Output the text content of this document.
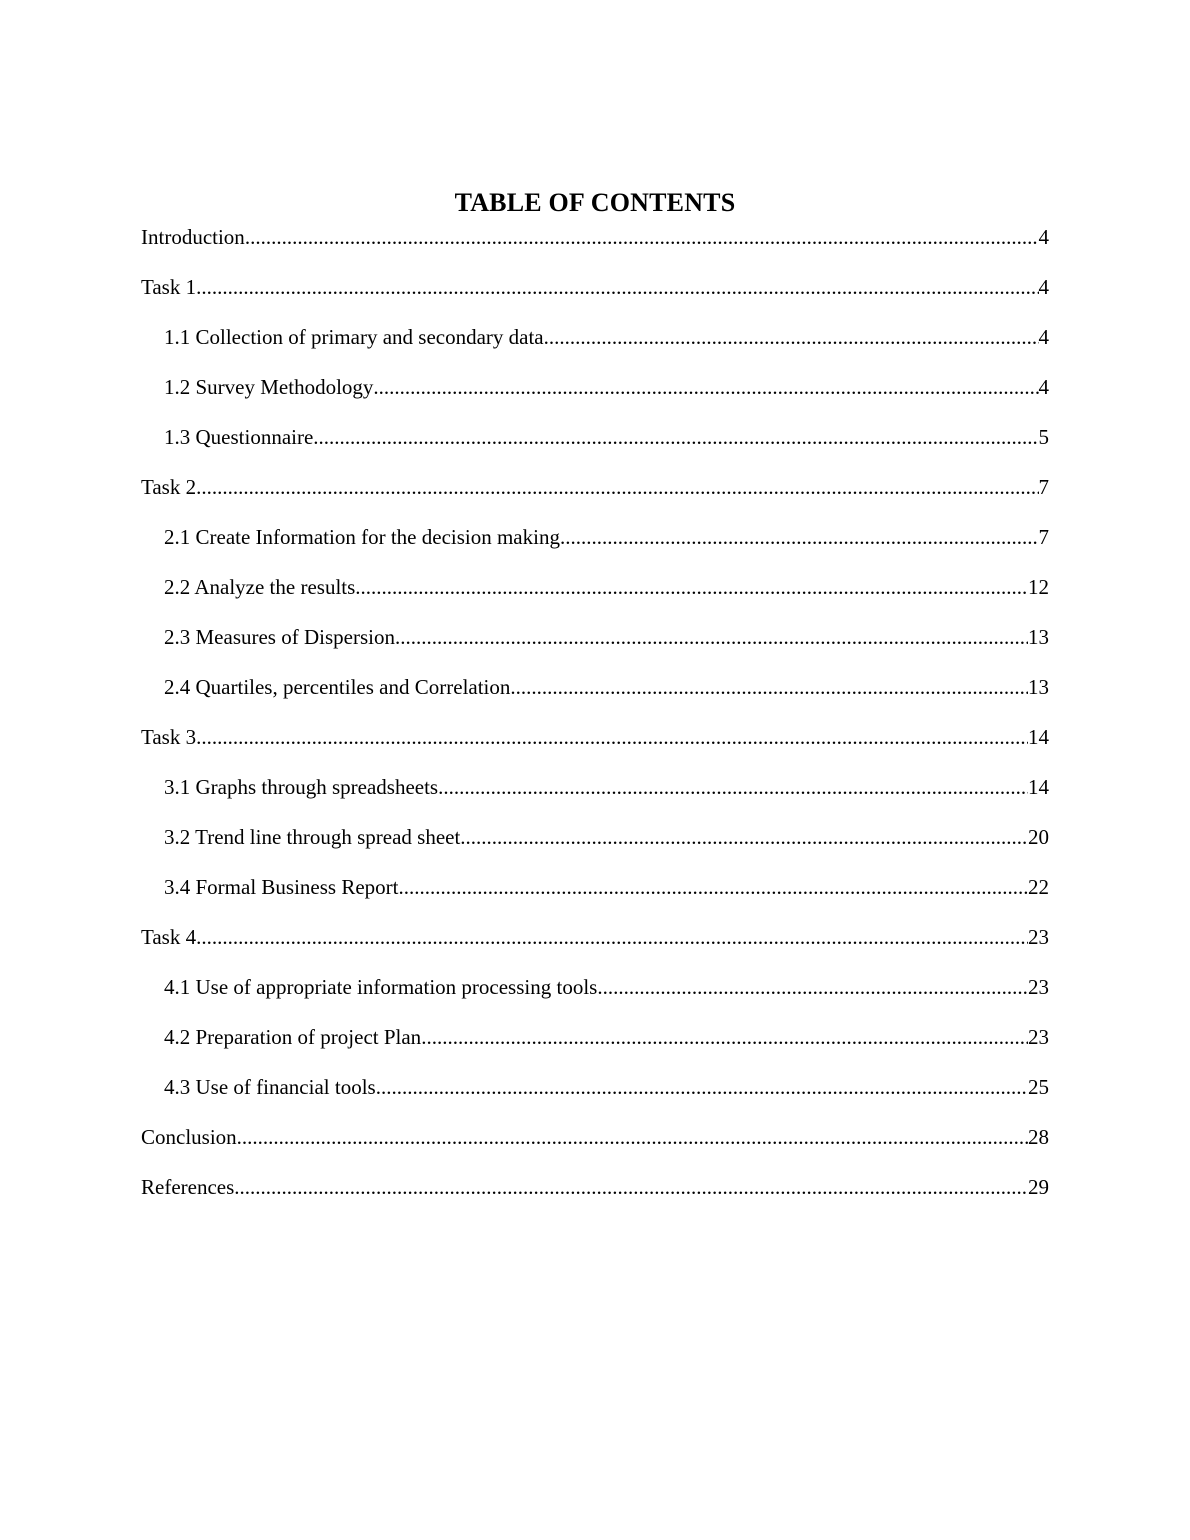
TABLE OF CONTENTS
Introduction .....	4
Task 1 .....	4
1.1 Collection of primary and secondary data .....	4
1.2 Survey Methodology .....	4
1.3 Questionnaire .....	5
Task 2 .....	7
2.1 Create Information for the decision making .....	7
2.2 Analyze the results .....	12
2.3 Measures of Dispersion .....	13
2.4 Quartiles, percentiles and Correlation .....	13
Task 3 .....	14
3.1 Graphs through spreadsheets .....	14
3.2 Trend line through spread sheet .....	20
3.4 Formal Business Report .....	22
Task 4 .....	23
4.1 Use of appropriate information processing tools .....	23
4.2 Preparation of project Plan .....	23
4.3 Use of financial tools .....	25
Conclusion .....	28
References .....	29
